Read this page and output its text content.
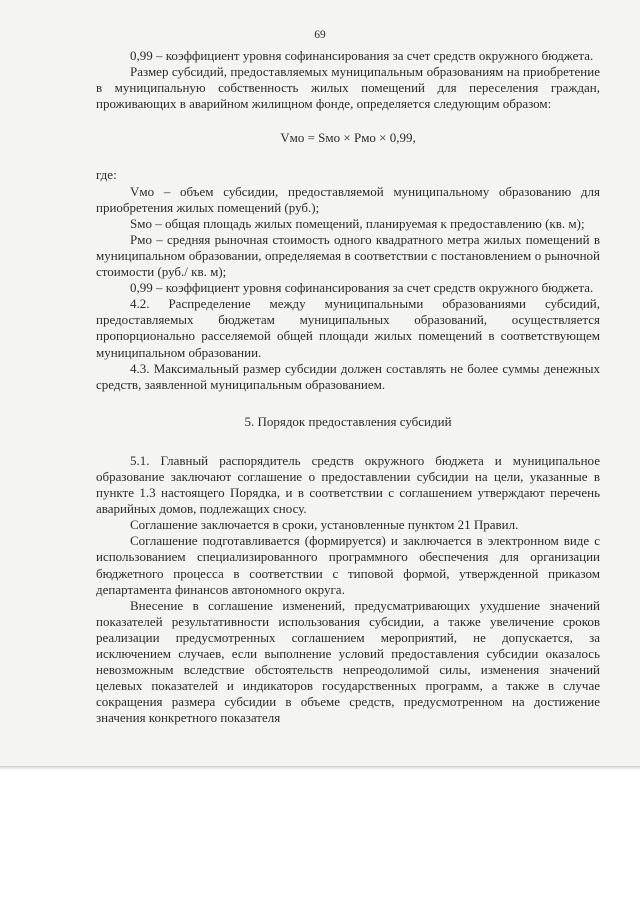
69

0,99 – коэффициент уровня софинансирования за счет средств окружного бюджета.

Размер субсидий, предоставляемых муниципальным образованиям на приобретение в муниципальную собственность жилых помещений для переселения граждан, проживающих в аварийном жилищном фонде, определяется следующим образом:

Vмо = Sмо × Рмо × 0,99,

где:

Vмо – объем субсидии, предоставляемой муниципальному образованию для приобретения жилых помещений (руб.);

Sмо – общая площадь жилых помещений, планируемая к предоставлению (кв. м);

Рмо – средняя рыночная стоимость одного квадратного метра жилых помещений в муниципальном образовании, определяемая в соответствии с постановлением о рыночной стоимости (руб./ кв. м);

0,99 – коэффициент уровня софинансирования за счет средств окружного бюджета.

4.2. Распределение между муниципальными образованиями субсидий, предоставляемых бюджетам муниципальных образований, осуществляется пропорционально расселяемой общей площади жилых помещений в соответствующем муниципальном образовании.

4.3. Максимальный размер субсидии должен составлять не более суммы денежных средств, заявленной муниципальным образованием.

5. Порядок предоставления субсидий

5.1. Главный распорядитель средств окружного бюджета и муниципальное образование заключают соглашение о предоставлении субсидии на цели, указанные в пункте 1.3 настоящего Порядка, и в соответствии с соглашением утверждают перечень аварийных домов, подлежащих сносу.

Соглашение заключается в сроки, установленные пунктом 21 Правил.

Соглашение подготавливается (формируется) и заключается в электронном виде с использованием специализированного программного обеспечения для организации бюджетного процесса в соответствии с типовой формой, утвержденной приказом департамента финансов автономного округа.

Внесение в соглашение изменений, предусматривающих ухудшение значений показателей результативности использования субсидии, а также увеличение сроков реализации предусмотренных соглашением мероприятий, не допускается, за исключением случаев, если выполнение условий предоставления субсидии оказалось невозможным вследствие обстоятельств непреодолимой силы, изменения значений целевых показателей и индикаторов государственных программ, а также в случае сокращения размера субсидии в объеме средств, предусмотренном на достижение значения конкретного показателя
